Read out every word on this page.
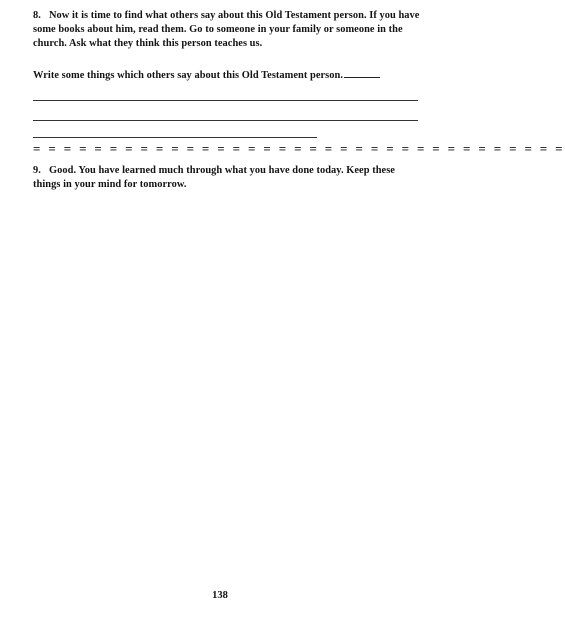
8. Now it is time to find what others say about this Old Testament person. If you have some books about him, read them. Go to someone in your family or someone in the church. Ask what they think this person teaches us.

Write some things which others say about this Old Testament person.

= = = = = = = = = = = = = = = = = = = = = = = = = = = = = = = = = = =

9. Good. You have learned much through what you have done today. Keep these things in your mind for tomorrow.

138
